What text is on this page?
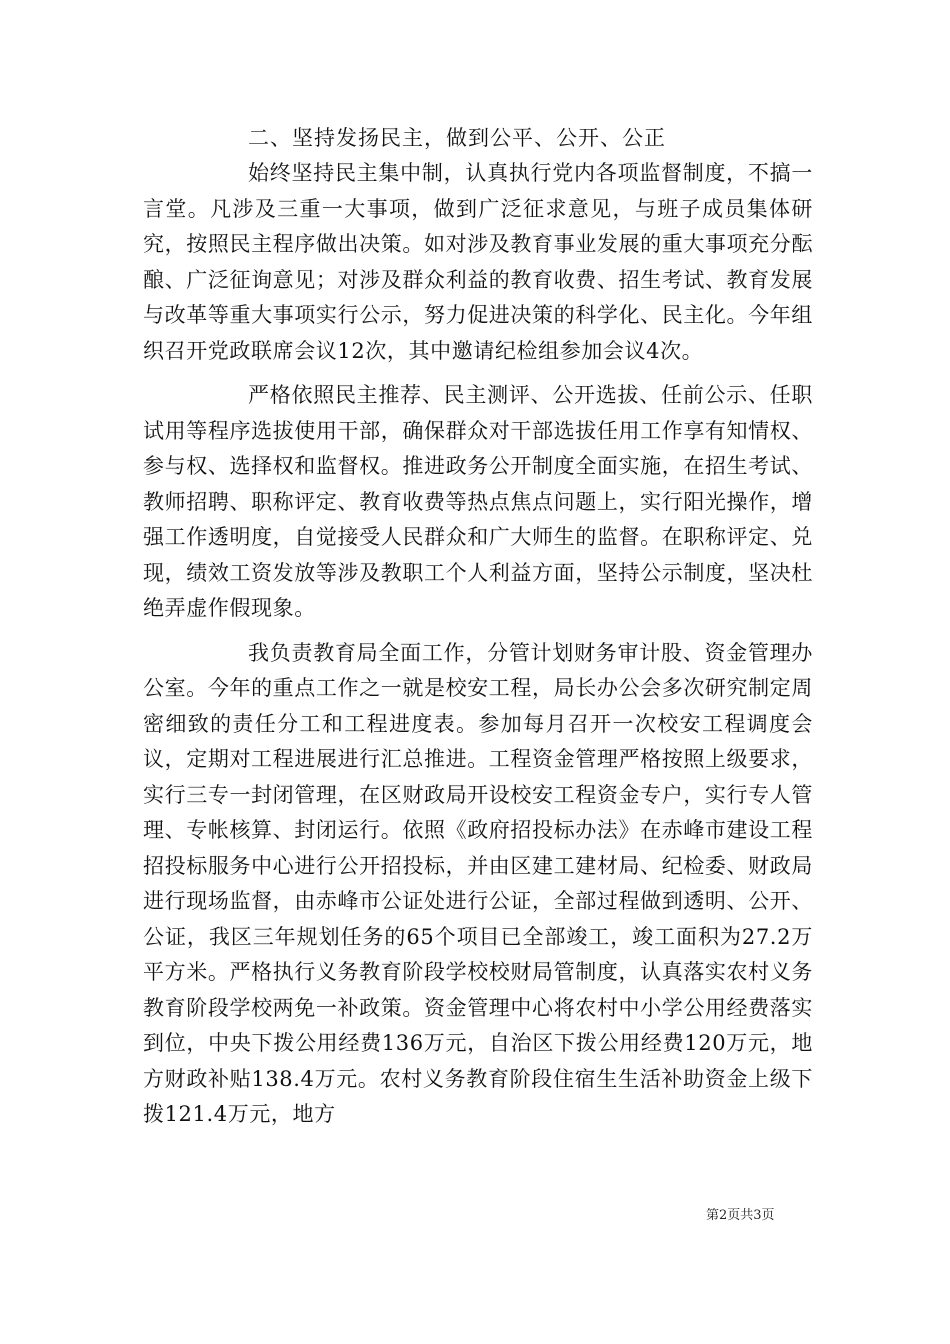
二、坚持发扬民主，做到公平、公开、公正

始终坚持民主集中制，认真执行党内各项监督制度，不搞一言堂。凡涉及三重一大事项，做到广泛征求意见，与班子成员集体研究，按照民主程序做出决策。如对涉及教育事业发展的重大事项充分酝酿、广泛征询意见；对涉及群众利益的教育收费、招生考试、教育发展与改革等重大事项实行公示，努力促进决策的科学化、民主化。今年组织召开党政联席会议12次，其中邀请纪检组参加会议4次。

严格依照民主推荐、民主测评、公开选拔、任前公示、任职试用等程序选拔使用干部，确保群众对干部选拔任用工作享有知情权、参与权、选择权和监督权。推进政务公开制度全面实施，在招生考试、教师招聘、职称评定、教育收费等热点焦点问题上，实行阳光操作，增强工作透明度，自觉接受人民群众和广大师生的监督。在职称评定、兑现，绩效工资发放等涉及教职工个人利益方面，坚持公示制度，坚决杜绝弄虚作假现象。

我负责教育局全面工作，分管计划财务审计股、资金管理办公室。今年的重点工作之一就是校安工程，局长办公会多次研究制定周密细致的责任分工和工程进度表。参加每月召开一次校安工程调度会议，定期对工程进展进行汇总推进。工程资金管理严格按照上级要求，实行三专一封闭管理，在区财政局开设校安工程资金专户，实行专人管理、专帐核算、封闭运行。依照《政府招投标办法》在赤峰市建设工程招投标服务中心进行公开招投标，并由区建工建材局、纪检委、财政局进行现场监督，由赤峰市公证处进行公证，全部过程做到透明、公开、公证，我区三年规划任务的65个项目已全部竣工，竣工面积为27.2万平方米。严格执行义务教育阶段学校校财局管制度，认真落实农村义务教育阶段学校两免一补政策。资金管理中心将农村中小学公用经费落实到位，中央下拨公用经费136万元，自治区下拨公用经费120万元，地方财政补贴138.4万元。农村义务教育阶段住宿生生活补助资金上级下拨121.4万元，地方

第2页共3页
